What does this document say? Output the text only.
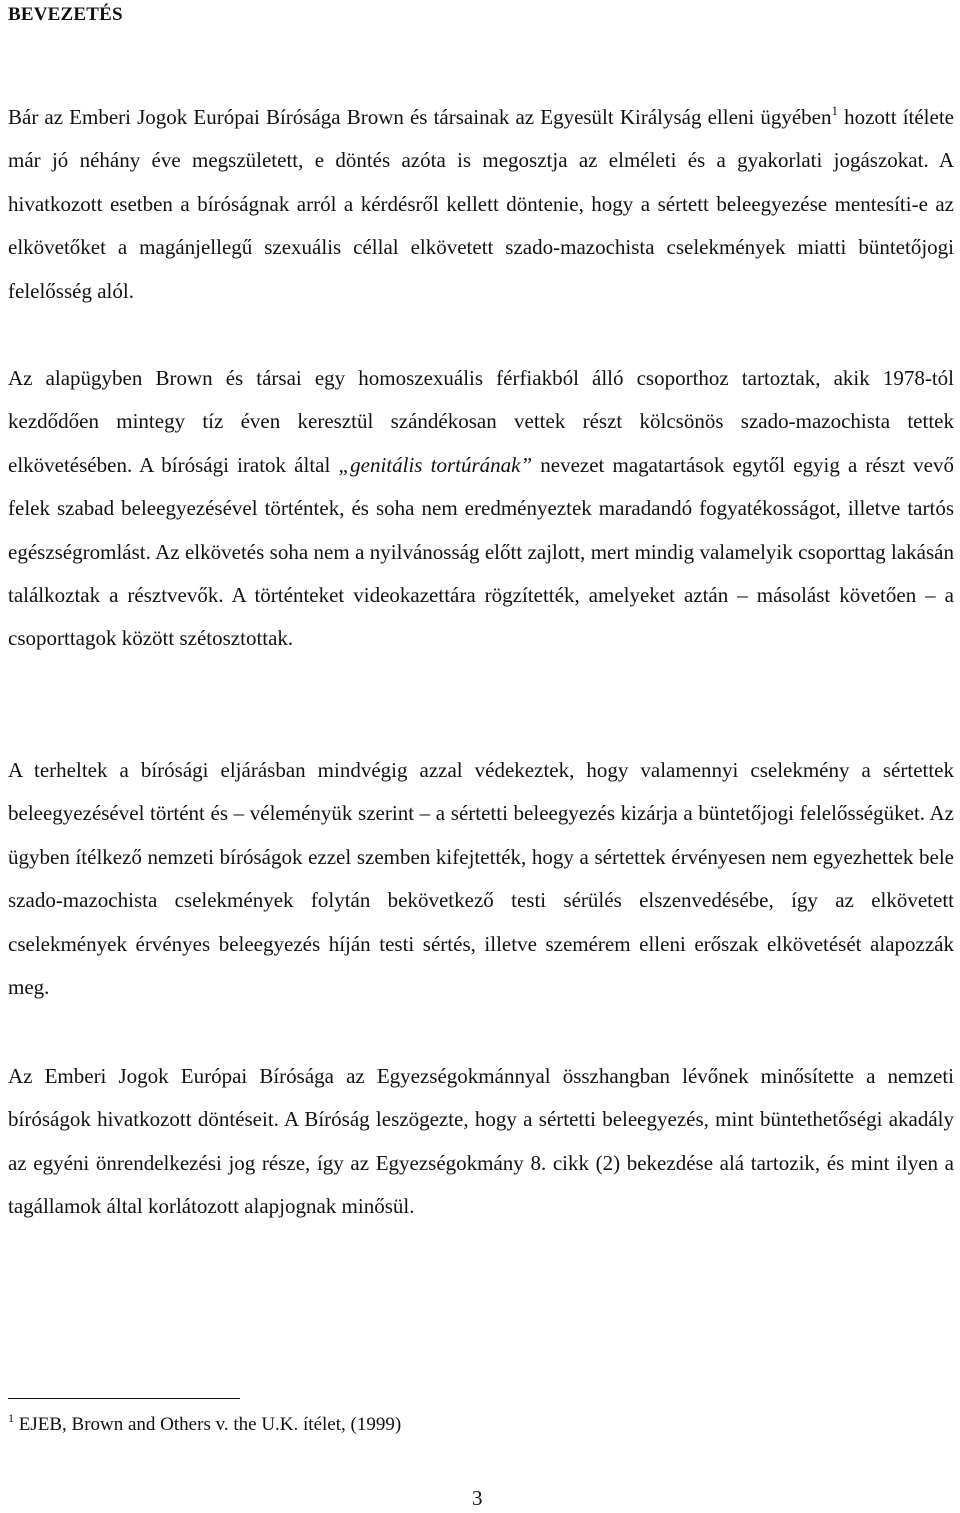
BEVEZETÉS

Bár az Emberi Jogok Európai Bírósága Brown és társainak az Egyesült Királyság elleni ügyében$^1$ hozott ítélete már jó néhány éve megszületett, e döntés azóta is megosztja az elméleti és a gyakorlati jogászokat. A hivatkozott esetben a bíróságnak arról a kérdésről kellett döntenie, hogy a sértett beleegyezése mentesíti-e az elkövetőket a magánjellegű szexuális céllal elkövetett szado-mazochista cselekmények miatti büntetőjogi felelősség alól.

Az alapügyben Brown és társai egy homoszexuális férfiakból álló csoporthoz tartoztak, akik 1978-tól kezdődően mintegy tíz éven keresztül szándékosan vettek részt kölcsönös szado-mazochista tettek elkövetésében. A bírósági iratok által „genitális tortúrának” nevezet magatartások egytől egyig a részt vevő felek szabad beleegyezésével történtek, és soha nem eredményeztek maradandó fogyatékosságot, illetve tartós egészségromlást. Az elkövetés soha nem a nyilvánosság előtt zajlott, mert mindig valamelyik csoporttag lakásán találkoztak a résztvevők. A történteket videokazettára rögzítették, amelyeket aztán – másolást követően – a csoporttagok között szétosztottak.

A terheltek a bírósági eljárásban mindvégig azzal védekeztek, hogy valamennyi cselekmény a sértettek beleegyezésével történt és – véleményük szerint – a sértetti beleegyezés kizárja a büntetőjogi felelősségüket. Az ügyben ítélkező nemzeti bíróságok ezzel szemben kifejtették, hogy a sértettek érvényesen nem egyezhettek bele szado-mazochista cselekmények folytán bekövetkező testi sérülés elszenvedésébe, így az elkövetett cselekmények érvényes beleegyezés híján testi sértés, illetve szemérem elleni erőszak elkövetését alapozzák meg.

Az Emberi Jogok Európai Bírósága az Egyezségokmánnyal összhangban lévőnek minősítette a nemzeti bíróságok hivatkozott döntéseit. A Bíróság leszögezte, hogy a sértetti beleegyezés, mint büntethetőségi akadály az egyéni önrendelkezési jog része, így az Egyezségokmány 8. cikk (2) bekezdése alá tartozik, és mint ilyen a tagállamok által korlátozott alapjognak minősül.

$^1$ EJEB, Brown and Others v. the U.K. ítélet, (1999)

3
